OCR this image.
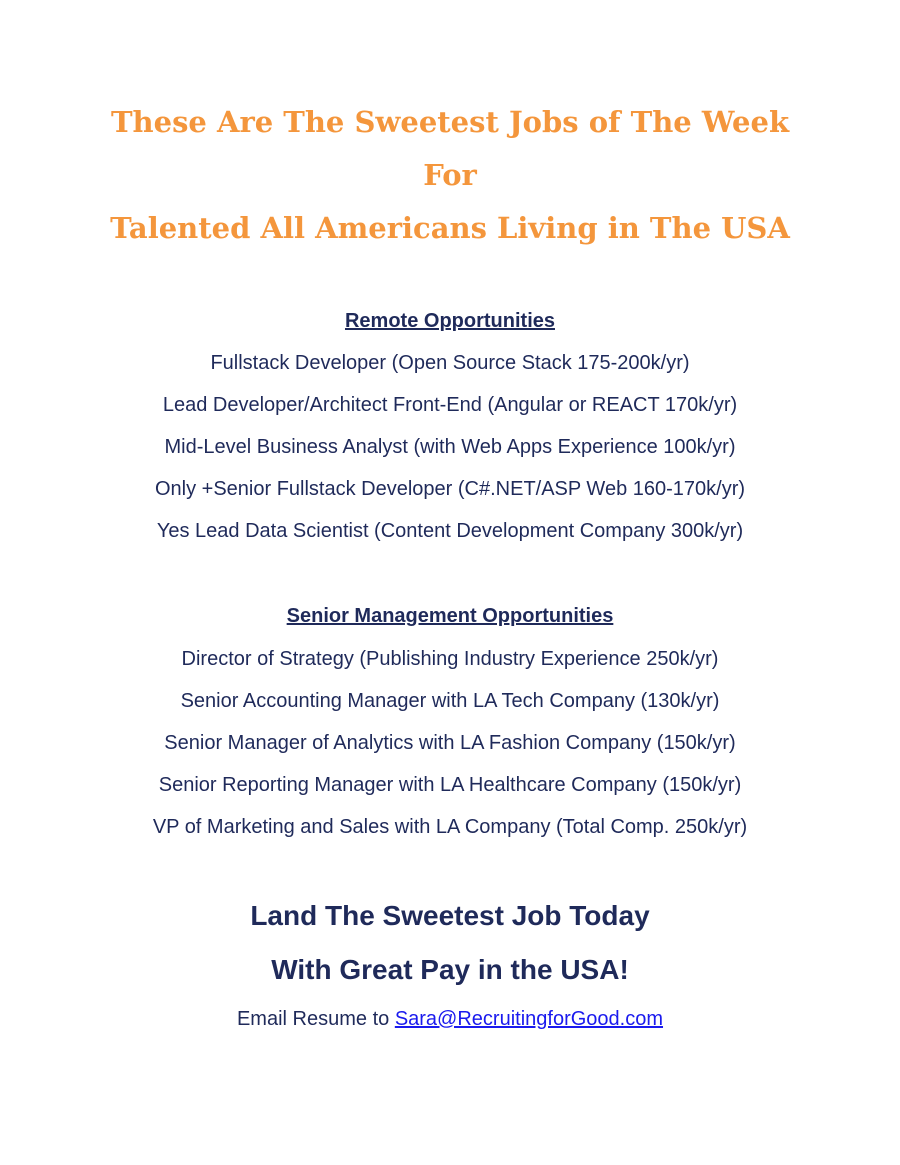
These Are The Sweetest Jobs of The Week
For
Talented All Americans Living in The USA
Remote Opportunities
Fullstack Developer (Open Source Stack 175-200k/yr)
Lead Developer/Architect Front-End (Angular or REACT 170k/yr)
Mid-Level Business Analyst (with Web Apps Experience 100k/yr)
Only +Senior Fullstack Developer (C#.NET/ASP Web 160-170k/yr)
Yes Lead Data Scientist (Content Development Company 300k/yr)
Senior Management Opportunities
Director of Strategy (Publishing Industry Experience 250k/yr)
Senior Accounting Manager with LA Tech Company (130k/yr)
Senior Manager of Analytics with LA Fashion Company (150k/yr)
Senior Reporting Manager with LA Healthcare Company (150k/yr)
VP of Marketing and Sales with LA Company (Total Comp. 250k/yr)
Land The Sweetest Job Today
With Great Pay in the USA!
Email Resume to Sara@RecruitingforGood.com
